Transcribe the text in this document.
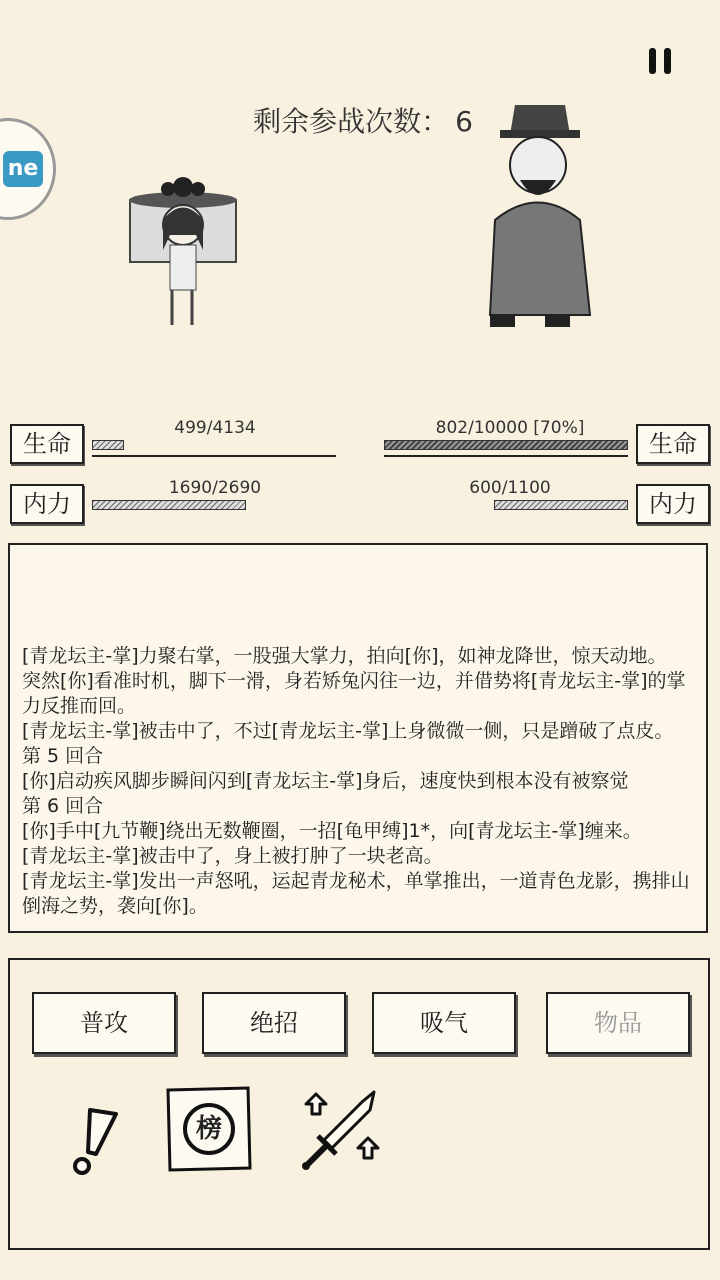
ne
剩余参战次数： 6
生命
499/4134	802/10000 [70%]
生命
内力
1690/2690	600/1100
内力
[青龙坛主-掌]力聚右掌，一股强大掌力，拍向[你]，如神龙降世，惊天动地。
突然[你]看准时机，脚下一滑，身若矫兔闪往一边，并借势将[青龙坛主-掌]的掌力反推而回。
[青龙坛主-掌]被击中了，不过[青龙坛主-掌]上身微微一侧，只是蹭破了点皮。
第 5 回合
[你]启动疾风脚步瞬间闪到[青龙坛主-掌]身后，速度快到根本没有被察觉
第 6 回合
[你]手中[九节鞭]绕出无数鞭圈，一招[龟甲缚]1*，向[青龙坛主-掌]缠来。
[青龙坛主-掌]被击中了，身上被打肿了一块老高。
[青龙坛主-掌]发出一声怒吼，运起青龙秘术，单掌推出，一道青色龙影，携排山倒海之势，袭向[你]。
普攻	绝招	吸气	物品
榜
